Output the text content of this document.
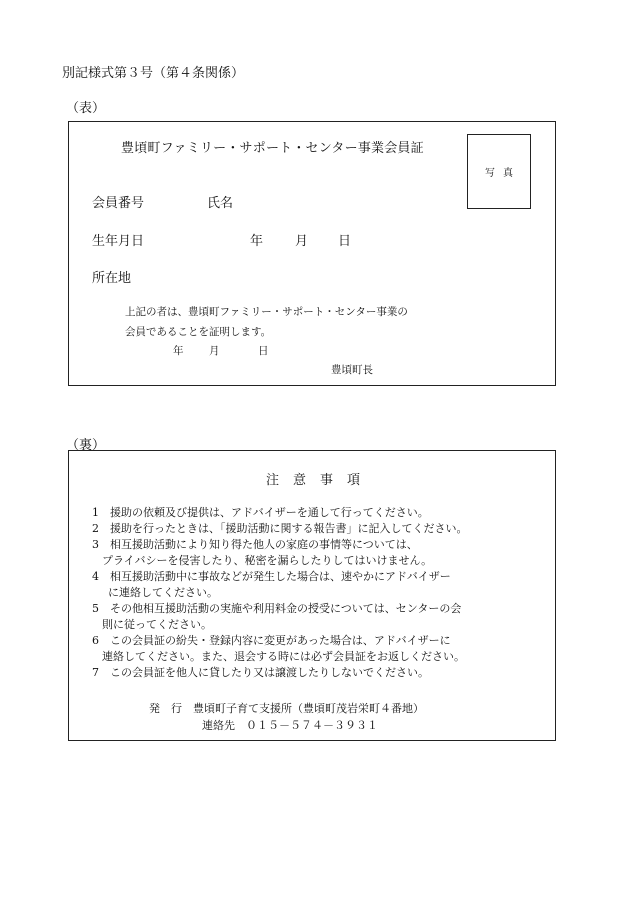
別記様式第３号（第４条関係）
（表）
豊頃町ファミリー・サポート・センター事業会員証
写真
会員番号	氏名
生年月日	年 月 日
所在地
上記の者は、豊頃町ファミリー・サポート・センター事業の
会員であることを証明します。
年 月	日
豊頃町長
（裏）
注意事項
1　援助の依頼及び提供は、アドバイザーを通して行ってください。
2　援助を行ったときは、「援助活動に関する報告書」に記入してください。
3　相互援助活動により知り得た他人の家庭の事情等については、
プライバシーを侵害したり、秘密を漏らしたりしてはいけません。
4　相互援助活動中に事故などが発生した場合は、速やかにアドバイザー
に連絡してください。
5　その他相互援助活動の実施や利用料金の授受については、センターの会
則に従ってください。
6　この会員証の紛失・登録内容に変更があった場合は、アドバイザーに
連絡してください。また、退会する時には必ず会員証をお返しください。
7　この会員証を他人に貸したり又は譲渡したりしないでください。
発　行　豊頃町子育て支援所（豊頃町茂岩栄町４番地）
連絡先　０１５－５７４－３９３１
